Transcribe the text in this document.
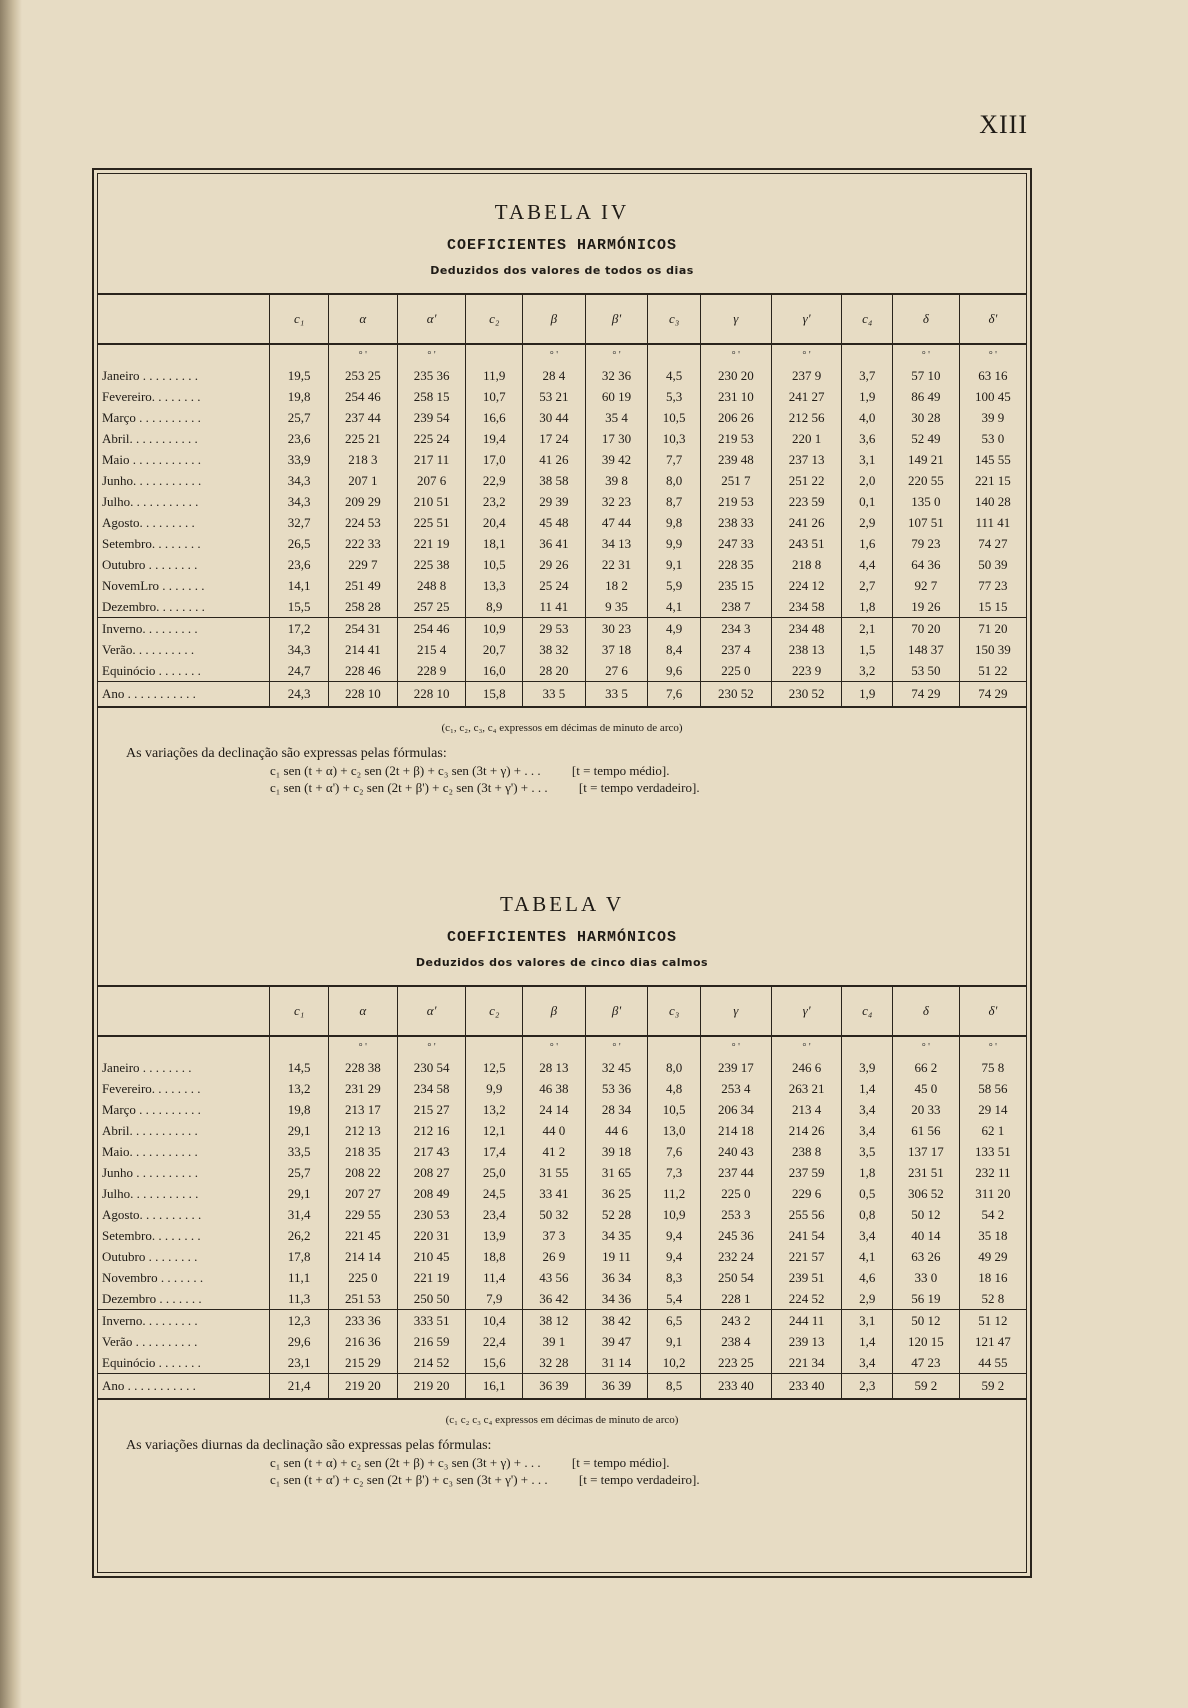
XIII
TABELA IV
COEFICIENTES HARMÓNICOS
Deduzidos dos valores de todos os dias
	c₁	α	α'	c₂	β	β'	c₃	γ	γ'	c₄	δ	δ'
		° '	° '		° '	° '		° '	° '		° '	° '
Janeiro . . . . . . . . .	19,5	253 25	235 36	11,9	28 4	32 36	4,5	230 20	237 9	3,7	57 10	63 16
Fevereiro. . . . . . . .	19,8	254 46	258 15	10,7	53 21	60 19	5,3	231 10	241 27	1,9	86 49	100 45
Março . . . . . . . . . .	25,7	237 44	239 54	16,6	30 44	35 4	10,5	206 26	212 56	4,0	30 28	39 9
Abril. . . . . . . . . . .	23,6	225 21	225 24	19,4	17 24	17 30	10,3	219 53	220 1	3,6	52 49	53 0
Maio . . . . . . . . . . .	33,9	218 3	217 11	17,0	41 26	39 42	7,7	239 48	237 13	3,1	149 21	145 55
Junho. . . . . . . . . . .	34,3	207 1	207 6	22,9	38 58	39 8	8,0	251 7	251 22	2,0	220 55	221 15
Julho. . . . . . . . . . .	34,3	209 29	210 51	23,2	29 39	32 23	8,7	219 53	223 59	0,1	135 0	140 28
Agosto. . . . . . . . .	32,7	224 53	225 51	20,4	45 48	47 44	9,8	238 33	241 26	2,9	107 51	111 41
Setembro. . . . . . . .	26,5	222 33	221 19	18,1	36 41	34 13	9,9	247 33	243 51	1,6	79 23	74 27
Outubro . . . . . . . .	23,6	229 7	225 38	10,5	29 26	22 31	9,1	228 35	218 8	4,4	64 36	50 39
NovemLro . . . . . . .	14,1	251 49	248 8	13,3	25 24	18 2	5,9	235 15	224 12	2,7	92 7	77 23
Dezembro. . . . . . . .	15,5	258 28	257 25	8,9	11 41	9 35	4,1	238 7	234 58	1,8	19 26	15 15
Inverno. . . . . . . . .	17,2	254 31	254 46	10,9	29 53	30 23	4,9	234 3	234 48	2,1	70 20	71 20
Verão. . . . . . . . . .	34,3	214 41	215 4	20,7	38 32	37 18	8,4	237 4	238 13	1,5	148 37	150 39
Equinócio . . . . . . .	24,7	228 46	228 9	16,0	28 20	27 6	9,6	225 0	223 9	3,2	53 50	51 22
Ano . . . . . . . . . . .	24,3	228 10	228 10	15,8	33 5	33 5	7,6	230 52	230 52	1,9	74 29	74 29
(c₁, c₂, c₃, c₄ expressos em décimas de minuto de arco)
As variações da declinação são expressas pelas fórmulas:
c₁ sen (t + α) + c₂ sen (2t + β) + c₃ sen (3t + γ) + . . . [t = tempo médio].
c₁ sen (t + α') + c₂ sen (2t + β') + c₂ sen (3t + γ') + . . . [t = tempo verdadeiro].
TABELA V
COEFICIENTES HARMÓNICOS
Deduzidos dos valores de cinco dias calmos
	c₁	α	α'	c₂	β	β'	c₃	γ	γ'	c₄	δ	δ'
		° '	° '		° '	° '		° '	° '		° '	° '
Janeiro . . . . . . . .	14,5	228 38	230 54	12,5	28 13	32 45	8,0	239 17	246 6	3,9	66 2	75 8
Fevereiro. . . . . . . .	13,2	231 29	234 58	9,9	46 38	53 36	4,8	253 4	263 21	1,4	45 0	58 56
Março . . . . . . . . . .	19,8	213 17	215 27	13,2	24 14	28 34	10,5	206 34	213 4	3,4	20 33	29 14
Abril. . . . . . . . . . .	29,1	212 13	212 16	12,1	44 0	44 6	13,0	214 18	214 26	3,4	61 56	62 1
Maio. . . . . . . . . . .	33,5	218 35	217 43	17,4	41 2	39 18	7,6	240 43	238 8	3,5	137 17	133 51
Junho . . . . . . . . . .	25,7	208 22	208 27	25,0	31 55	31 65	7,3	237 44	237 59	1,8	231 51	232 11
Julho. . . . . . . . . . .	29,1	207 27	208 49	24,5	33 41	36 25	11,2	225 0	229 6	0,5	306 52	311 20
Agosto. . . . . . . . . .	31,4	229 55	230 53	23,4	50 32	52 28	10,9	253 3	255 56	0,8	50 12	54 2
Setembro. . . . . . . .	26,2	221 45	220 31	13,9	37 3	34 35	9,4	245 36	241 54	3,4	40 14	35 18
Outubro . . . . . . . .	17,8	214 14	210 45	18,8	26 9	19 11	9,4	232 24	221 57	4,1	63 26	49 29
Novembro . . . . . . .	11,1	225 0	221 19	11,4	43 56	36 34	8,3	250 54	239 51	4,6	33 0	18 16
Dezembro . . . . . . .	11,3	251 53	250 50	7,9	36 42	34 36	5,4	228 1	224 52	2,9	56 19	52 8
Inverno. . . . . . . . .	12,3	233 36	333 51	10,4	38 12	38 42	6,5	243 2	244 11	3,1	50 12	51 12
Verão . . . . . . . . . .	29,6	216 36	216 59	22,4	39 1	39 47	9,1	238 4	239 13	1,4	120 15	121 47
Equinócio . . . . . . .	23,1	215 29	214 52	15,6	32 28	31 14	10,2	223 25	221 34	3,4	47 23	44 55
Ano . . . . . . . . . . .	21,4	219 20	219 20	16,1	36 39	36 39	8,5	233 40	233 40	2,3	59 2	59 2
(c₁ c₂ c₃ c₄ expressos em décimas de minuto de arco)
As variações diurnas da declinação são expressas pelas fórmulas:
c₁ sen (t + α) + c₂ sen (2t + β) + c₃ sen (3t + γ) + . . . [t = tempo médio].
c₁ sen (t + α') + c₂ sen (2t + β') + c₃ sen (3t + γ') + . . . [t = tempo verdadeiro].
